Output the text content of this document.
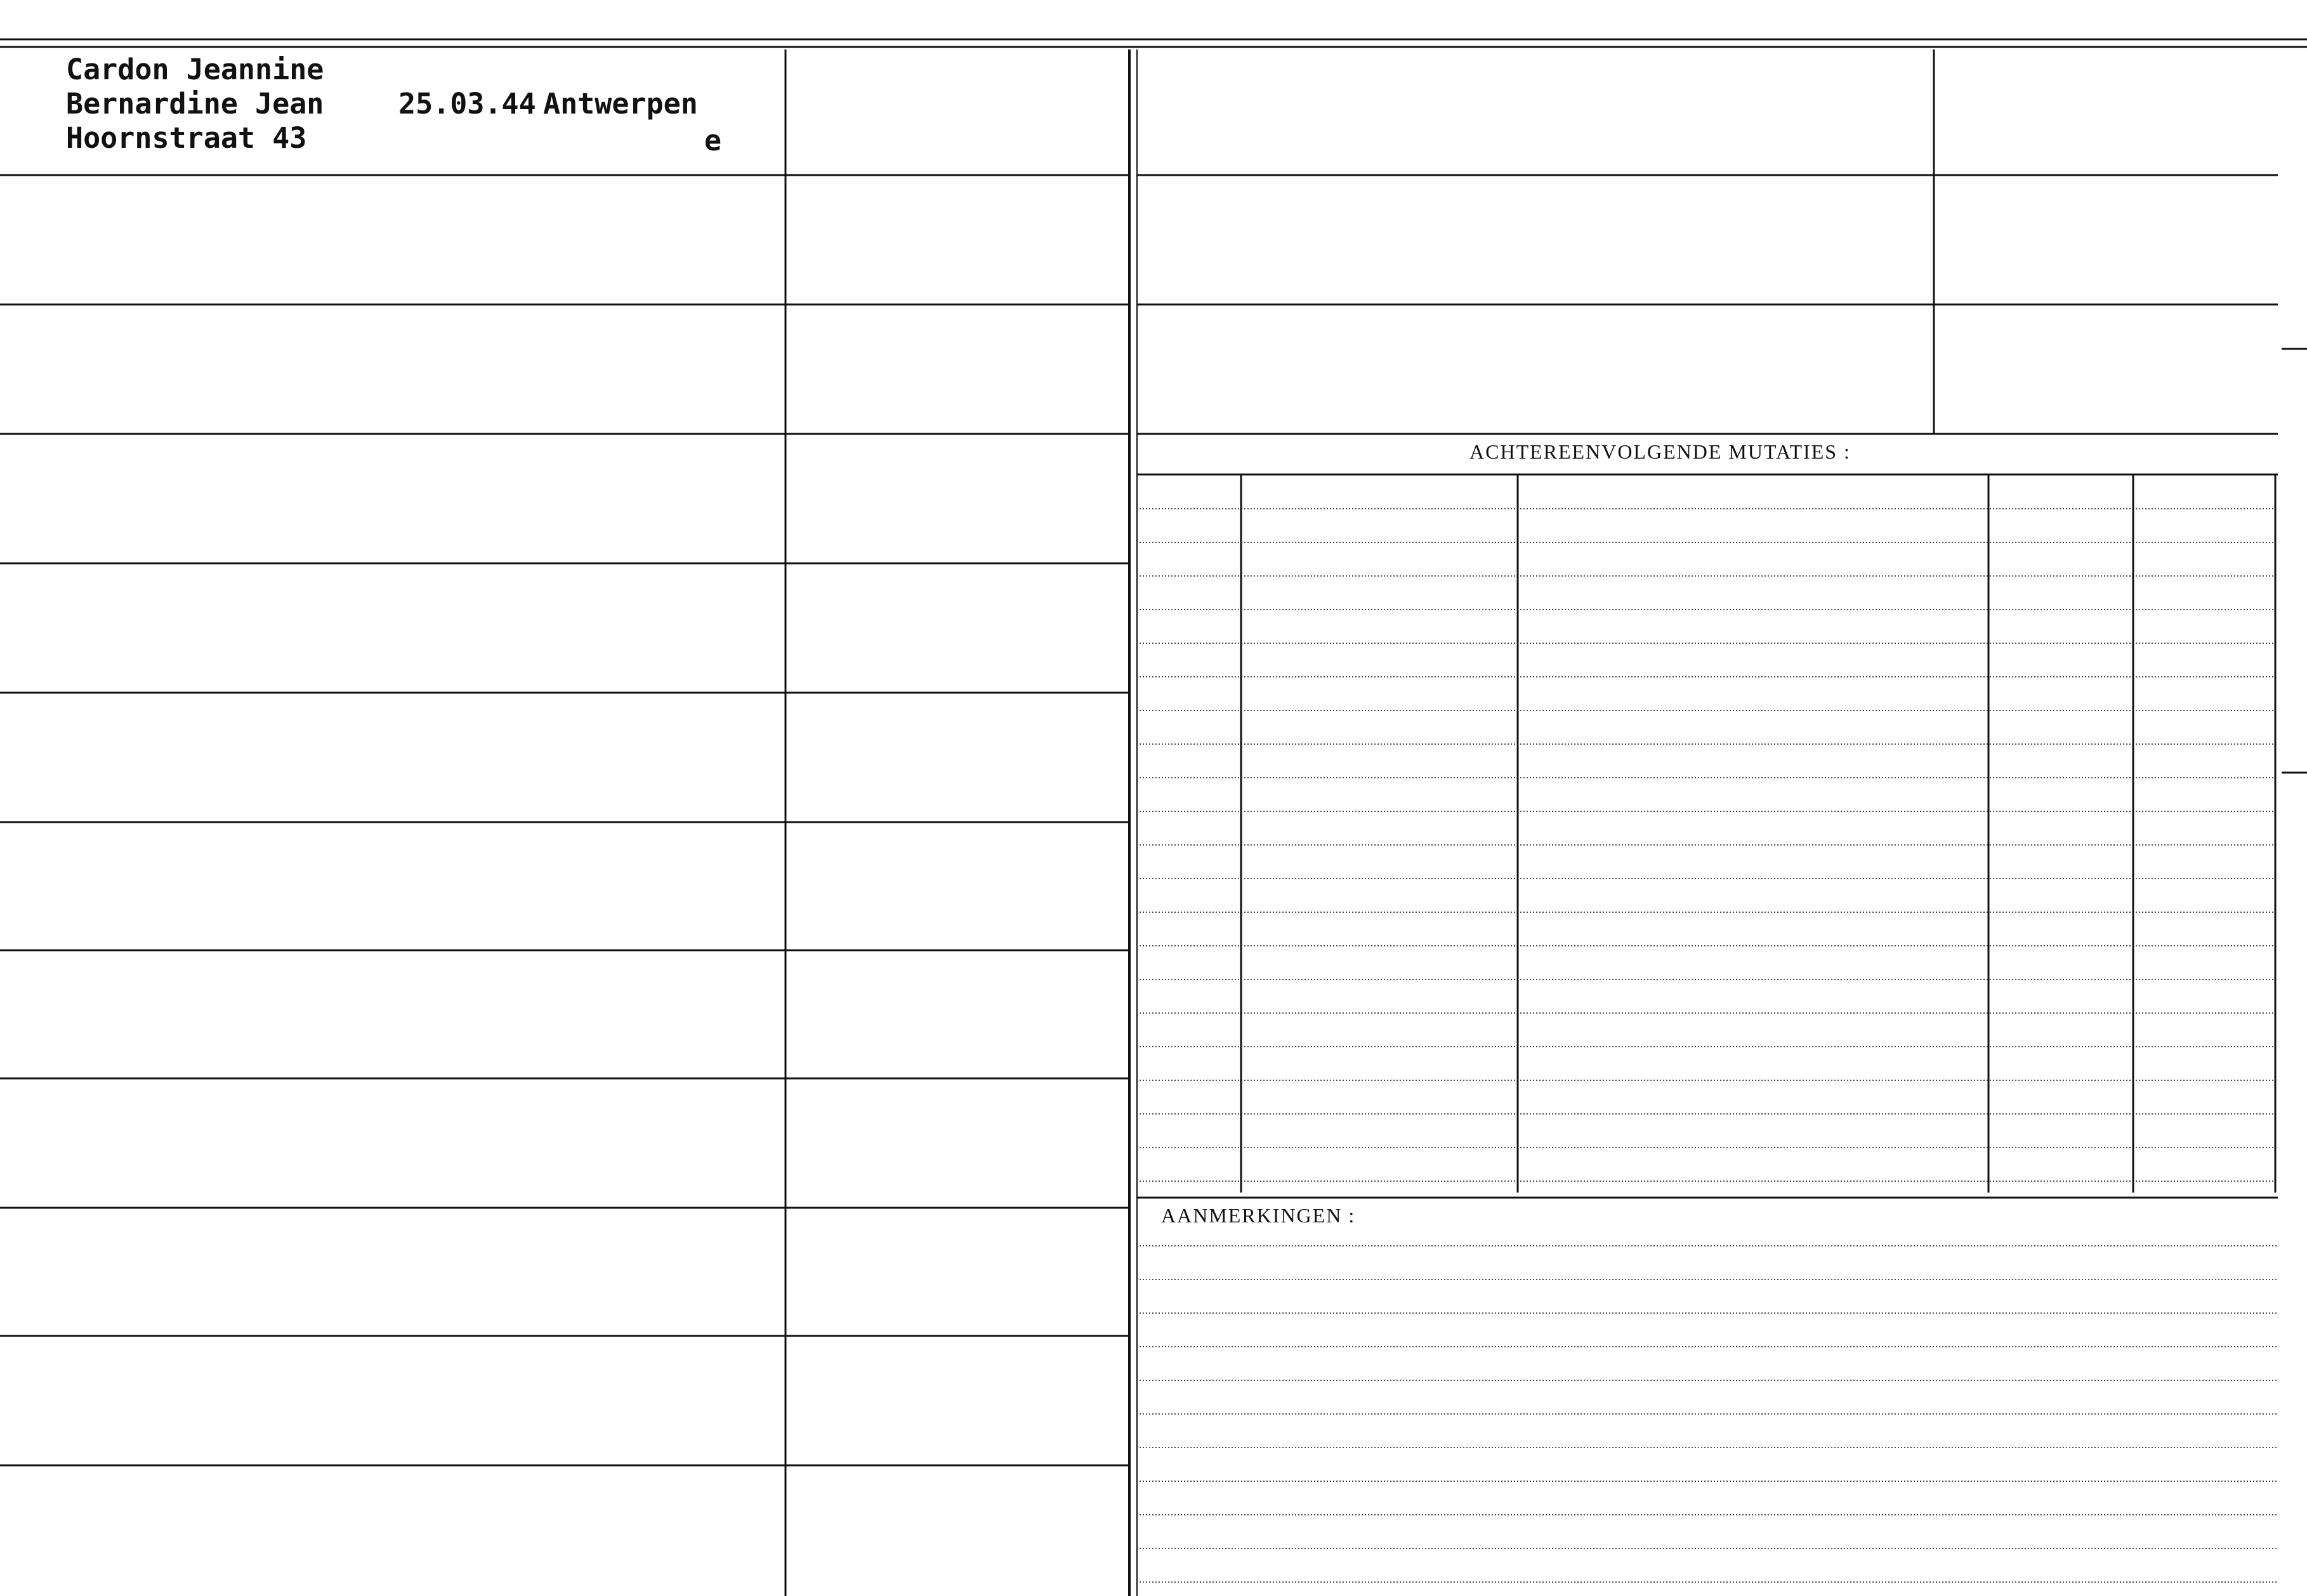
Cardon Jeannine
Bernardine Jean
Hoornstraat 43
25.03.44 Antwerpen
e
ACHTEREENVOLGENDE MUTATIES :
AANMERKINGEN :
